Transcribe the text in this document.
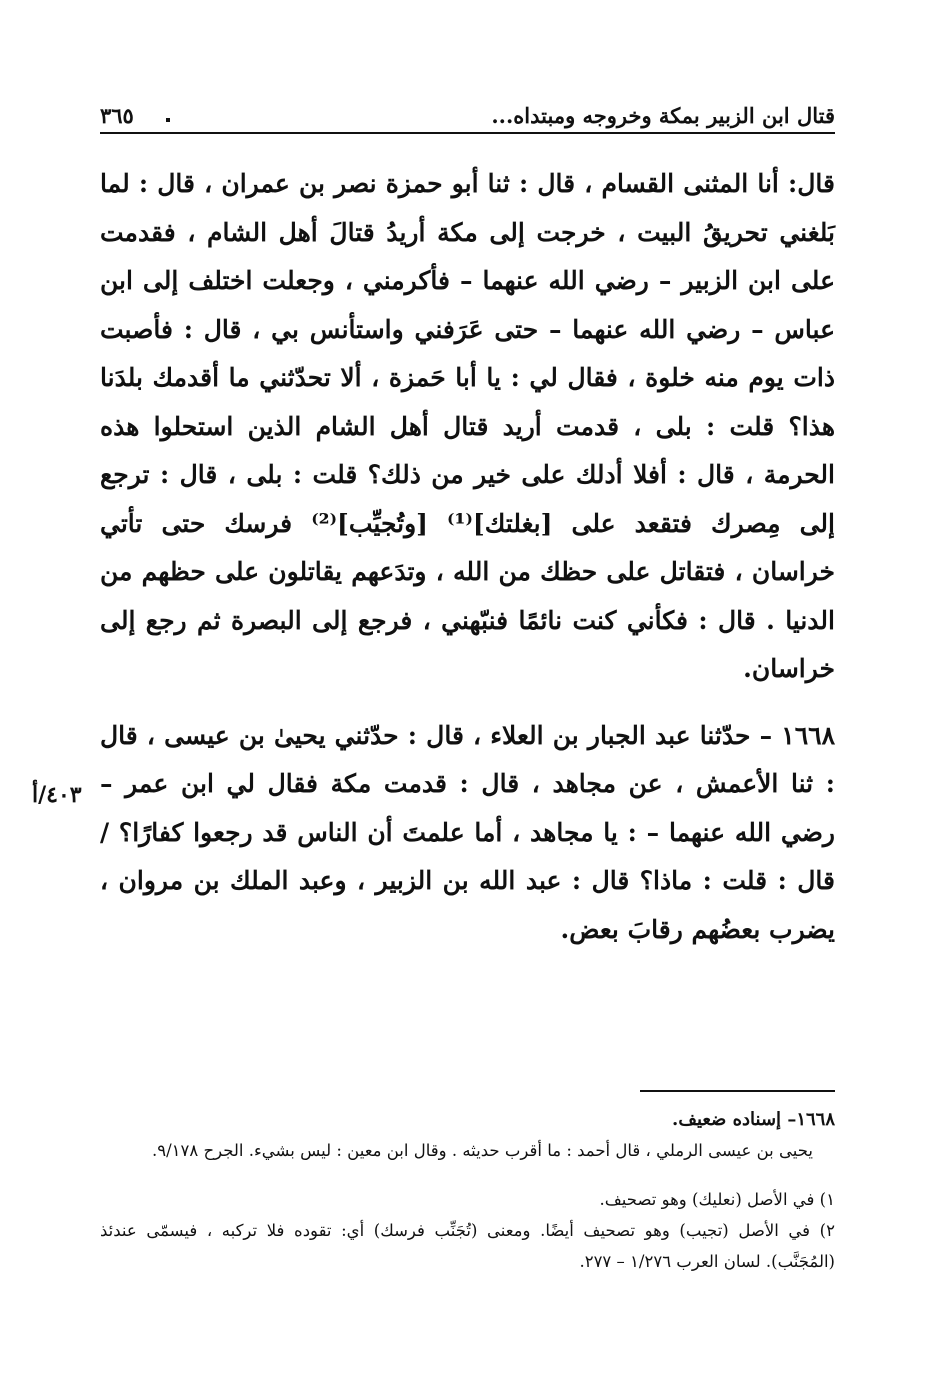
قتال ابن الزبير بمكة وخروجه ومبتداه...
٣٦٥

قال: أنا المثنى القسام ، قال : ثنا أبو حمزة نصر بن عمران ، قال : لما بَلغني تحريقُ البيت ، خرجت إلى مكة أريدُ قتالَ أهل الشام ، فقدمت على ابن الزبير – رضي الله عنهما – فأكرمني ، وجعلت اختلف إلى ابن عباس – رضي الله عنهما – حتى عَرَفني واستأنس بي ، قال : فأصبت ذات يوم منه خلوة ، فقال لي : يا أبا حَمزة ، ألا تحدّثني ما أقدمك بلدَنا هذا؟ قلت : بلى ، قدمت أريد قتال أهل الشام الذين استحلوا هذه الحرمة ، قال : أفلا أدلك على خير من ذلك؟ قلت : بلى ، قال : ترجع إلى مِصرك فتقعد على [بغلتك]⁽¹⁾ [وتُجيِّب]⁽²⁾ فرسك حتى تأتي خراسان ، فتقاتل على حظك من الله ، وتدَعهم يقاتلون على حظهم من الدنيا . قال : فكأني كنت نائمًا فنبّهني ، فرجع إلى البصرة ثم رجع إلى خراسان.

١٦٦٨ – حدّثنا عبد الجبار بن العلاء ، قال : حدّثني يحيىٰ بن عيسى ، قال : ثنا الأعمش ، عن مجاهد ، قال : قدمت مكة فقال لي ابن عمر – رضي الله عنهما – : يا مجاهد ، أما علمتَ أن الناس قد رجعوا كفارًا؟ / قال : قلت : ماذا؟ قال : عبد الله بن الزبير ، وعبد الملك بن مروان ، يضرب بعضُهم رقابَ بعض.

١٦٦٨– إسناده ضعيف.

يحيى بن عيسى الرملي ، قال أحمد : ما أقرب حديثه . وقال ابن معين : ليس بشيء. الجرح ٩/١٧٨.

١) في الأصل (نعليك) وهو تصحيف.

٢) في الأصل (تجيب) وهو تصحيف أيضًا. ومعنى (تُجَنِّب فرسك) أي: تقوده فلا تركبه ، فيسمّى عندئذ (المُجَنَّب). لسان العرب ١/٢٧٦ – ٢٧٧.

٤٠٣/أ
